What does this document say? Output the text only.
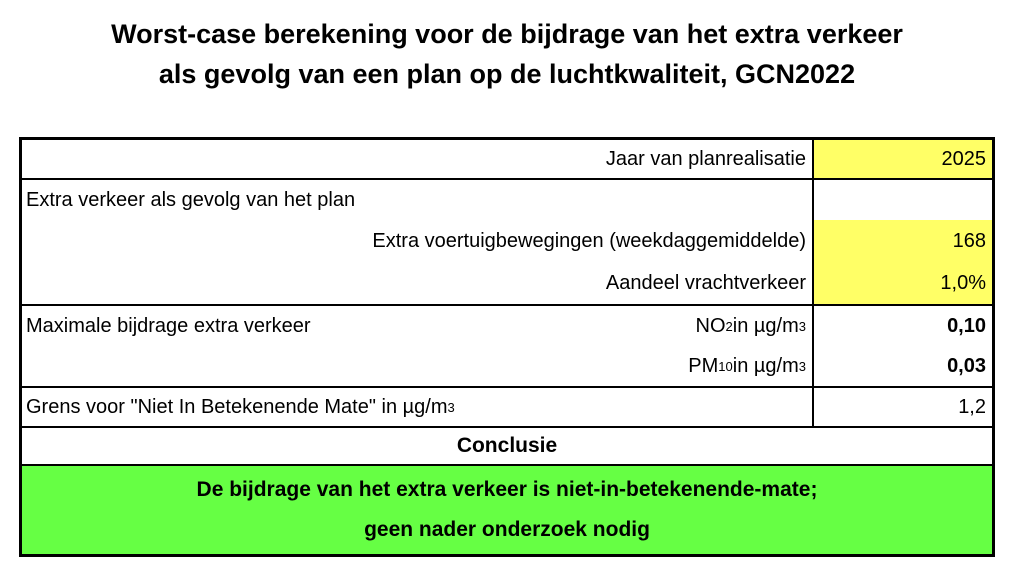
Worst-case berekening voor de bijdrage van het extra verkeer
als gevolg van een plan op de luchtkwaliteit, GCN2022
Jaar van planrealisatie	2025
Extra verkeer als gevolg van het plan
Extra voertuigbewegingen (weekdaggemiddelde)	168
Aandeel vrachtverkeer	1,0%
Maximale bijdrage extra verkeer	NO 2 in µg/m 3	0,10
PM 10 in µg/m 3	0,03
Grens voor "Niet In Betekenende Mate" in µg/m 3	1,2
Conclusie
De bijdrage van het extra verkeer is niet-in-betekenende-mate;
geen nader onderzoek nodig
